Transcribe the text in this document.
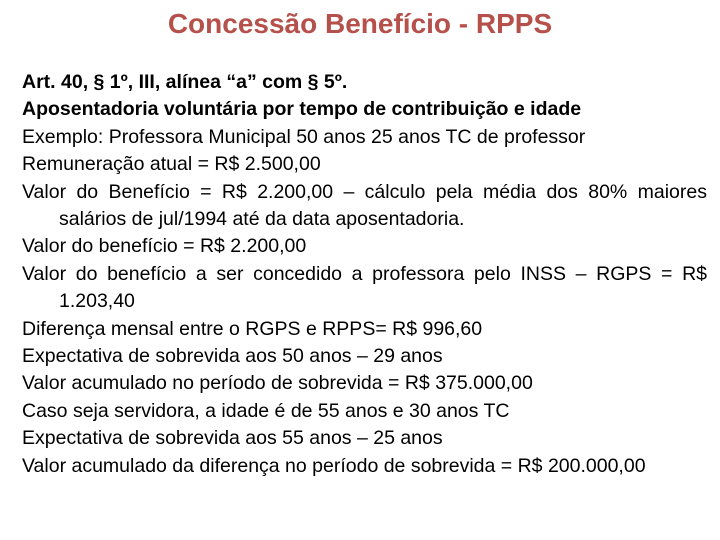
Concessão Benefício - RPPS
Art. 40, § 1º, III, alínea “a” com § 5º.
Aposentadoria voluntária por tempo de contribuição e idade
Exemplo: Professora Municipal 50 anos 25 anos TC de professor
Remuneração atual = R$ 2.500,00
Valor do Benefício = R$ 2.200,00 – cálculo pela média dos 80% maiores salários de jul/1994 até da data aposentadoria.
Valor do benefício = R$ 2.200,00
Valor do benefício a ser concedido a professora pelo INSS – RGPS = R$ 1.203,40
Diferença mensal entre o RGPS e RPPS= R$ 996,60
Expectativa de sobrevida aos 50 anos – 29 anos
Valor acumulado no período de sobrevida = R$ 375.000,00
Caso seja servidora, a idade é de 55 anos e 30 anos TC
Expectativa de sobrevida aos 55 anos – 25 anos
Valor acumulado da diferença no período de sobrevida = R$ 200.000,00
